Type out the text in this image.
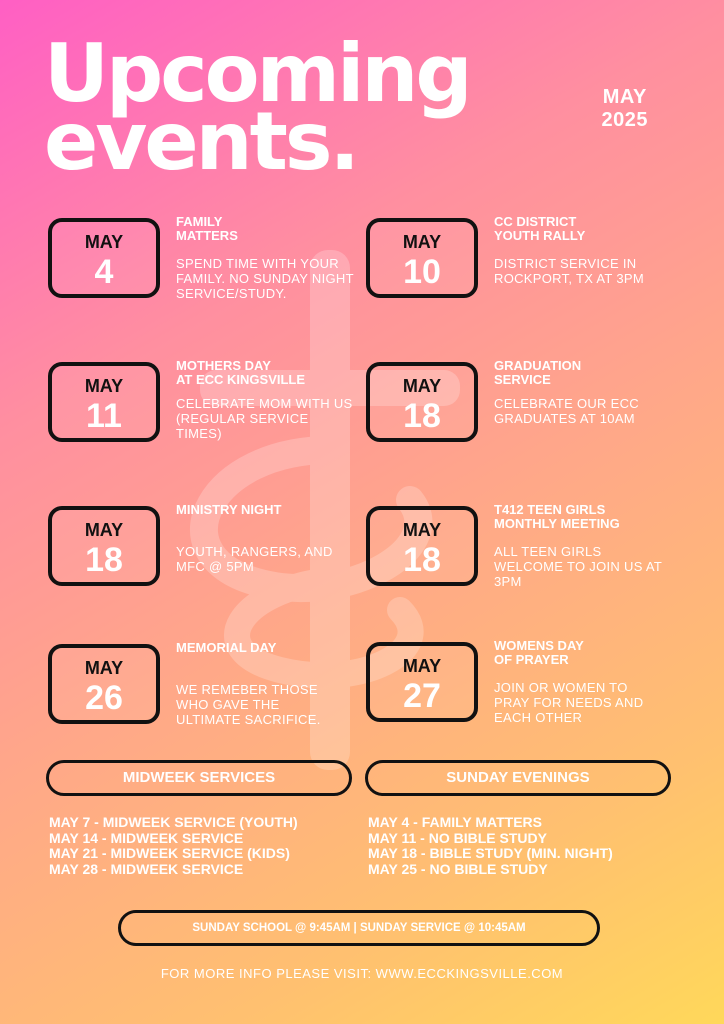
Upcoming
events.	MAY
2025
MAY
4
FAMILY
MATTERS
SPEND TIME WITH YOUR FAMILY. NO SUNDAY NIGHT SERVICE/STUDY.
MAY
10
CC DISTRICT
YOUTH RALLY
DISTRICT SERVICE IN ROCKPORT, TX AT 3PM
MAY
11
MOTHERS DAY
AT ECC KINGSVILLE
CELEBRATE MOM WITH US (REGULAR SERVICE TIMES)
MAY
18
GRADUATION
SERVICE
CELEBRATE OUR ECC GRADUATES AT 10AM
MAY
18
MINISTRY NIGHT
YOUTH, RANGERS, AND MFC @ 5PM
MAY
18
T412 TEEN GIRLS
MONTHLY MEETING
ALL TEEN GIRLS WELCOME TO JOIN US AT 3PM
MAY
26
MEMORIAL DAY
WE REMEBER THOSE WHO GAVE THE ULTIMATE SACRIFICE.
MAY
27
WOMENS DAY
OF PRAYER
JOIN OR WOMEN TO PRAY FOR NEEDS AND EACH OTHER
MIDWEEK SERVICES	SUNDAY EVENINGS
MAY 7 - MIDWEEK SERVICE (YOUTH)
MAY 14 - MIDWEEK SERVICE
MAY 21 - MIDWEEK SERVICE (KIDS)
MAY 28 - MIDWEEK SERVICE
MAY 4 - FAMILY MATTERS
MAY 11 - NO BIBLE STUDY
MAY 18 - BIBLE STUDY (MIN. NIGHT)
MAY 25 - NO BIBLE STUDY
SUNDAY SCHOOL @ 9:45AM | SUNDAY SERVICE @ 10:45AM
FOR MORE INFO PLEASE VISIT: WWW.ECCKINGSVILLE.COM
